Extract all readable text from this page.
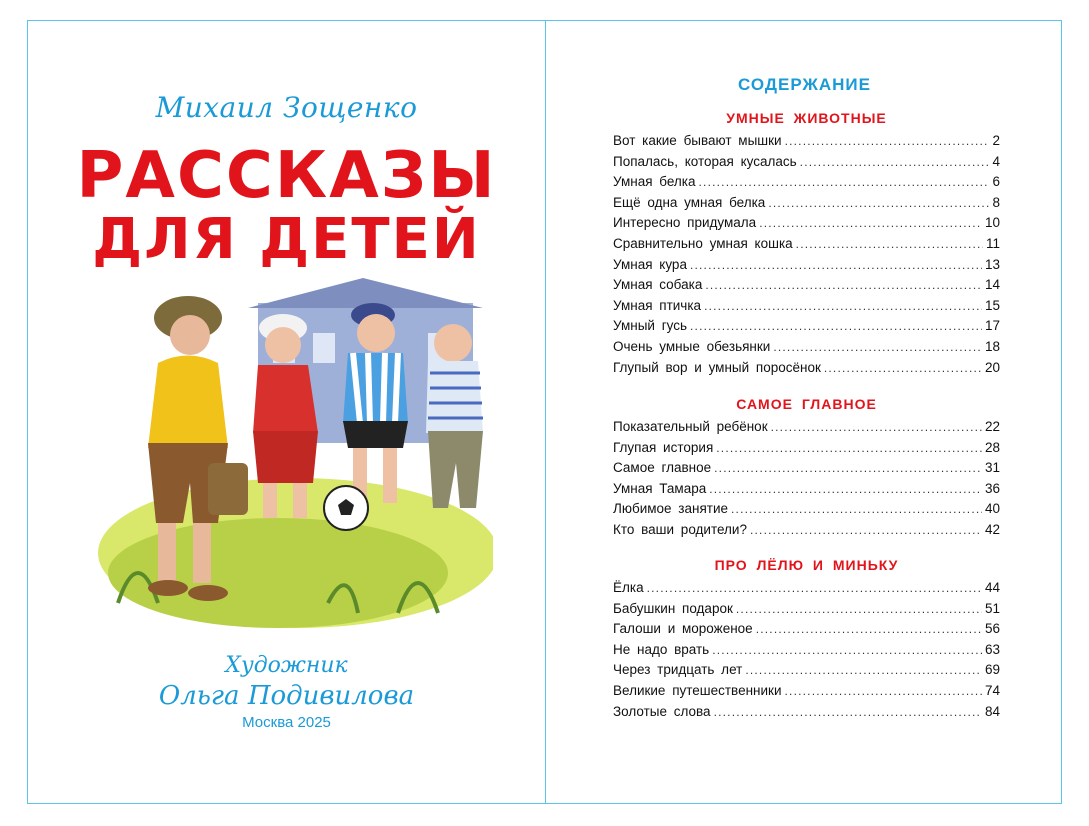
Михаил Зощенко
РАССКАЗЫ
ДЛЯ ДЕТЕЙ
Художник
Ольга Подивилова
Москва 2025
СОДЕРЖАНИЕ
УМНЫЕ ЖИВОТНЫЕ
Вот какие бывают мышки .....	2
Попалась, которая кусалась .....	4
Умная белка .....	6
Ещё одна умная белка .....	8
Интересно придумала .....	10
Сравнительно умная кошка .....	11
Умная кура .....	13
Умная собака .....	14
Умная птичка .....	15
Умный гусь .....	17
Очень умные обезьянки .....	18
Глупый вор и умный поросёнок .....	20
САМОЕ ГЛАВНОЕ
Показательный ребёнок .....	22
Глупая история .....	28
Самое главное .....	31
Умная Тамара .....	36
Любимое занятие .....	40
Кто ваши родители? .....	42
ПРО ЛЁЛЮ И МИНЬКУ
Ёлка .....	44
Бабушкин подарок .....	51
Галоши и мороженое .....	56
Не надо врать .....	63
Через тридцать лет .....	69
Великие путешественники .....	74
Золотые слова .....	84
